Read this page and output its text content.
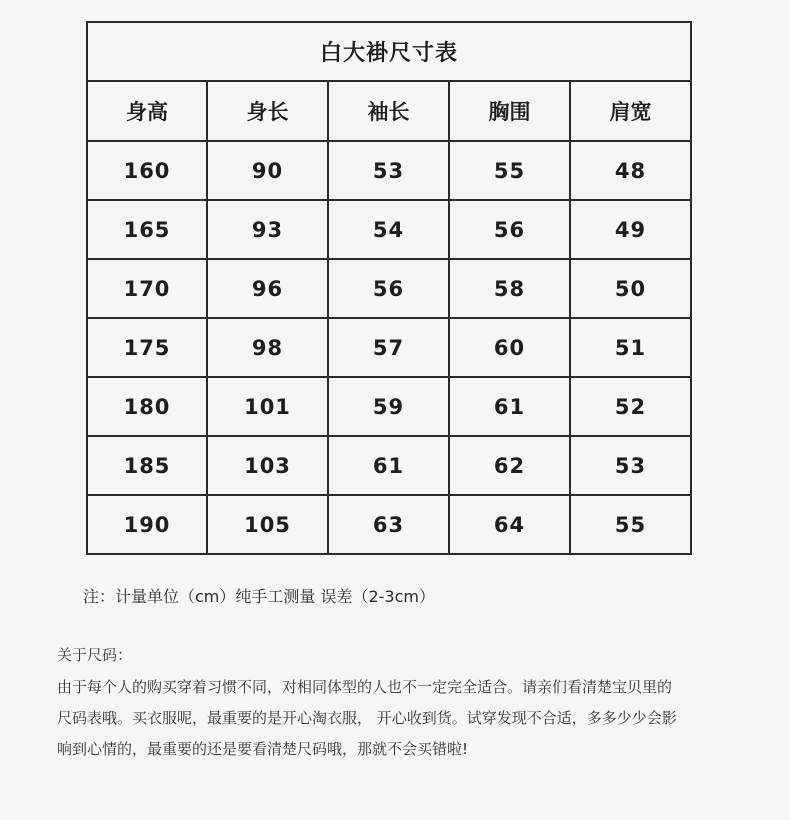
白大褂尺寸表				
身高	身长	袖长	胸围	肩宽
160	90	53	55	48
165	93	54	56	49
170	96	56	58	50
175	98	57	60	51
180	101	59	61	52
185	103	61	62	53
190	105	63	64	55
注：计量单位（cm）纯手工测量 误差（2-3cm）
关于尺码：
由于每个人的购买穿着习惯不同，对相同体型的人也不一定完全适合。请亲们看清楚宝贝里的
尺码表哦。买衣服呢，最重要的是开心淘衣服， 开心收到货。试穿发现不合适，多多少少会影
响到心情的，最重要的还是要看清楚尺码哦，那就不会买错啦!
